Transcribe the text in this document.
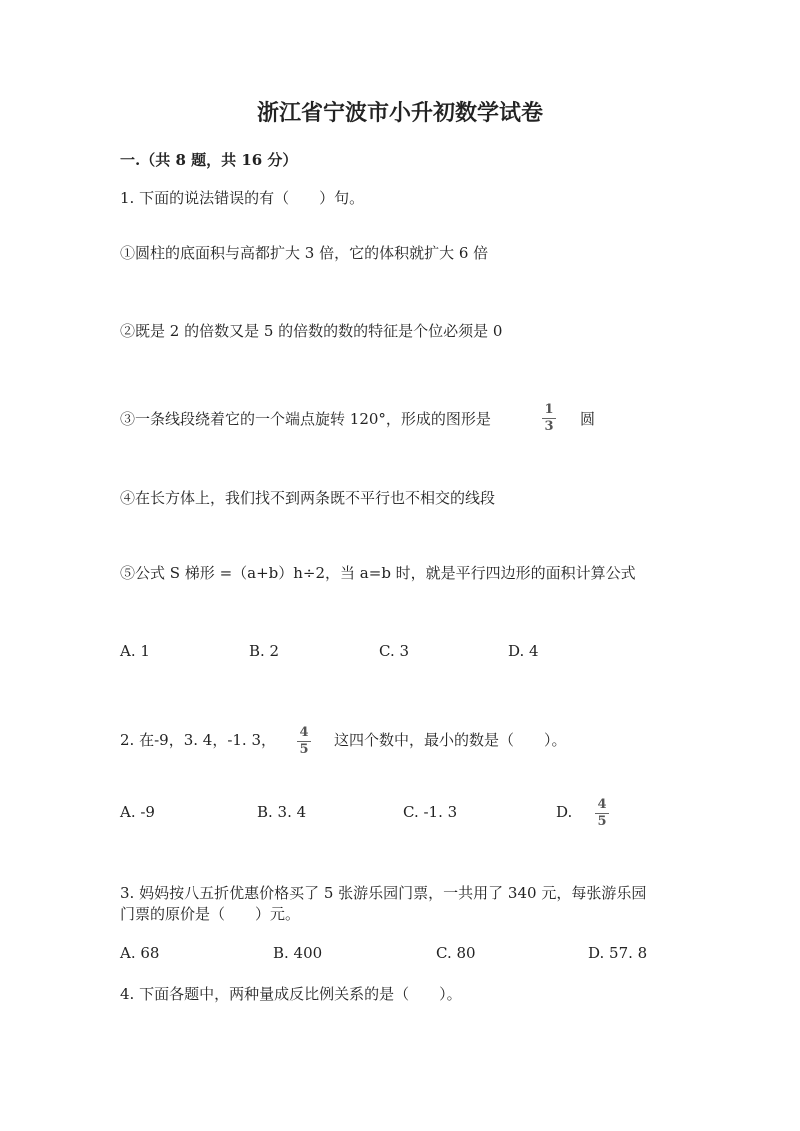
浙江省宁波市小升初数学试卷
一.（共 8 题，共 16 分）
1. 下面的说法错误的有（　　）句。
①圆柱的底面积与高都扩大 3 倍，它的体积就扩大 6 倍
②既是 2 的倍数又是 5 的倍数的数的特征是个位必须是 0
③一条线段绕着它的一个端点旋转 120°，形成的图形是
1
3 圆
④在长方体上，我们找不到两条既不平行也不相交的线段
⑤公式 S 梯形 =（a+b）h÷2，当 a=b 时，就是平行四边形的面积计算公式
A. 1	B. 2	C. 3	D. 4
2. 在-9，3. 4，-1. 3， 4
5
这四个数中，最小的数是（　　）。
A. -9	B. 3. 4	C. -1. 3	D. 4
5
3. 妈妈按八五折优惠价格买了 5 张游乐园门票，一共用了 340 元，每张游乐园
门票的原价是（　　）元。
A. 68	B. 400	C. 80	D. 57. 8
4. 下面各题中，两种量成反比例关系的是（　　）。
